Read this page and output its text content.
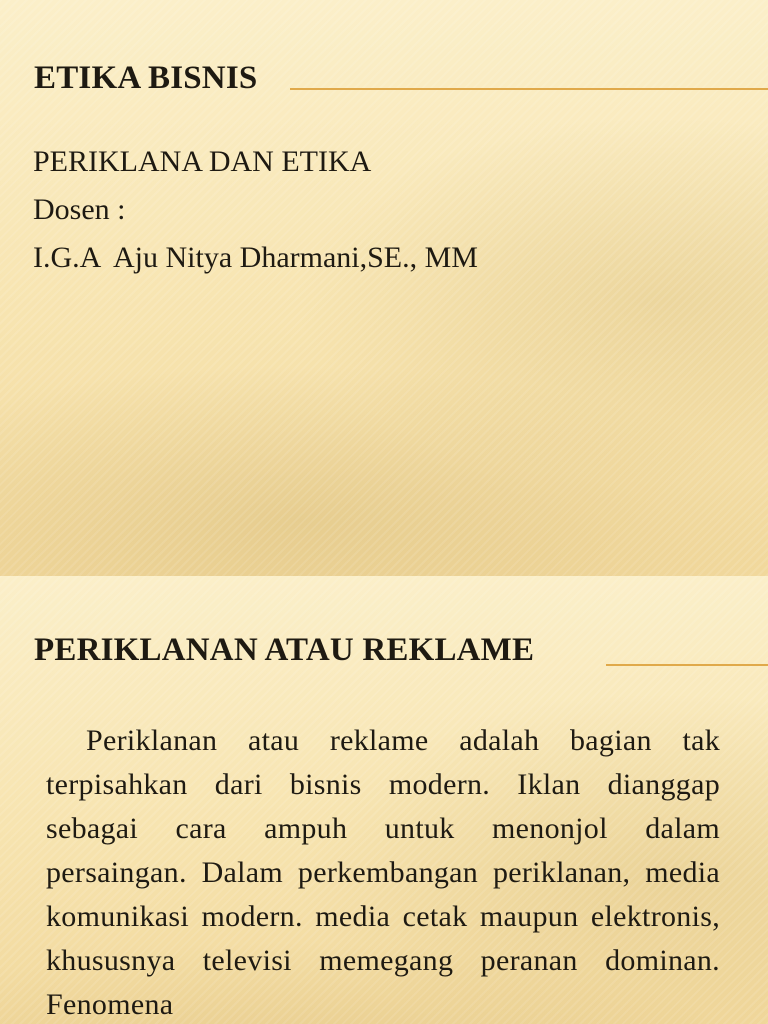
ETIKA BISNIS
PERIKLANA DAN ETIKA
Dosen :
I.G.A  Aju Nitya Dharmani,SE., MM
PERIKLANAN ATAU REKLAME
Periklanan atau reklame adalah bagian tak terpisahkan dari bisnis modern. Iklan dianggap sebagai cara ampuh untuk menonjol dalam persaingan. Dalam perkembangan periklanan, media komunikasi modern. media cetak maupun elektronis, khususnya televisi memegang peranan dominan. Fenomena
